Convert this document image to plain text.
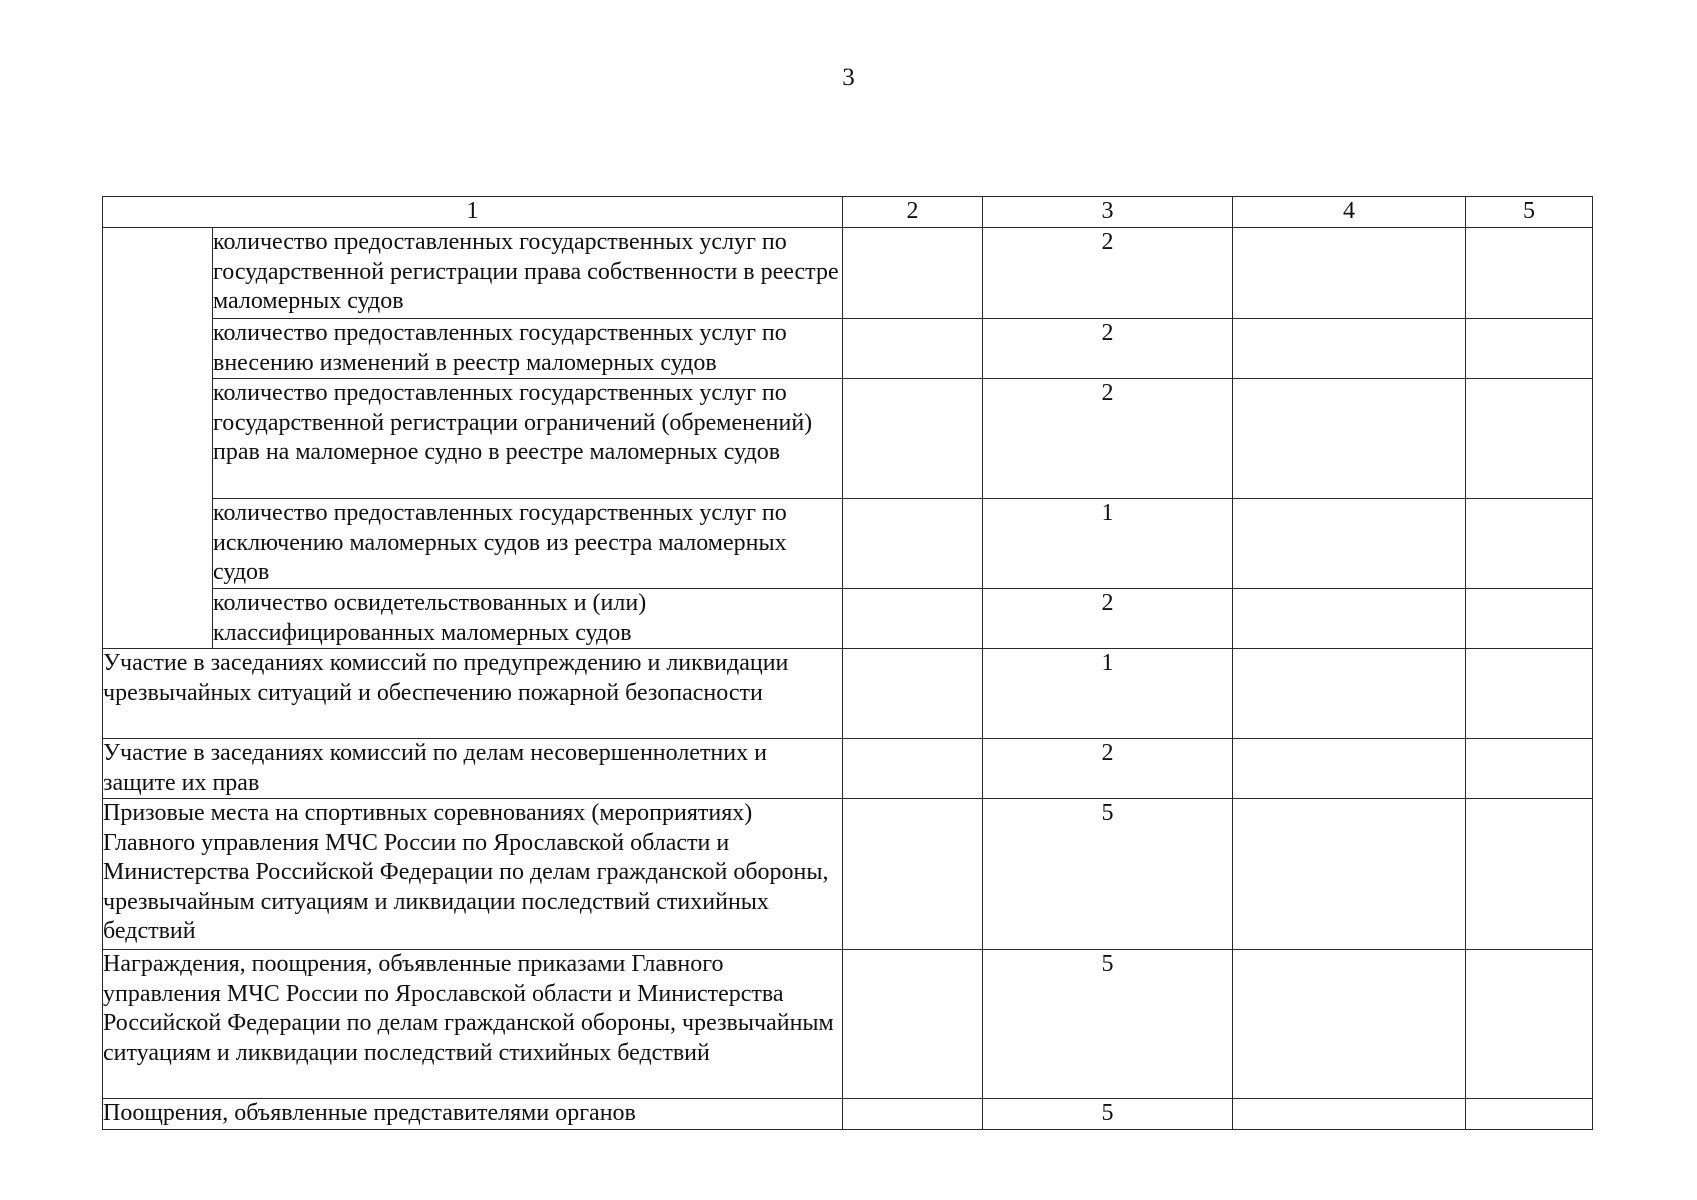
3
1		2	3	4	5
	количество предоставленных государственных услуг по государственной регистрации права собственности в реестре маломерных судов		2		
	количество предоставленных государственных услуг по внесению изменений в реестр маломерных судов		2		
	количество предоставленных государственных услуг по государственной регистрации ограничений (обременений) прав на маломерное судно в реестре маломерных судов		2		
	количество предоставленных государственных услуг по исключению маломерных судов из реестра маломерных судов		1		
	количество освидетельствованных и (или) классифицированных маломерных судов		2		
Участие в заседаниях комиссий по предупреждению и ликвидации чрезвычайных ситуаций и обеспечению пожарной безопасности			1		
Участие в заседаниях комиссий по делам несовершеннолетних и защите их прав			2		
Призовые места на спортивных соревнованиях (мероприятиях) Главного управления МЧС России по Ярославской области и Министерства Российской Федерации по делам гражданской обороны, чрезвычайным ситуациям и ликвидации последствий стихийных бедствий			5		
Награждения, поощрения, объявленные приказами Главного управления МЧС России по Ярославской области и Министерства Российской Федерации по делам гражданской обороны, чрезвычайным ситуациям и ликвидации последствий стихийных бедствий			5		
Поощрения, объявленные представителями органов			5		
